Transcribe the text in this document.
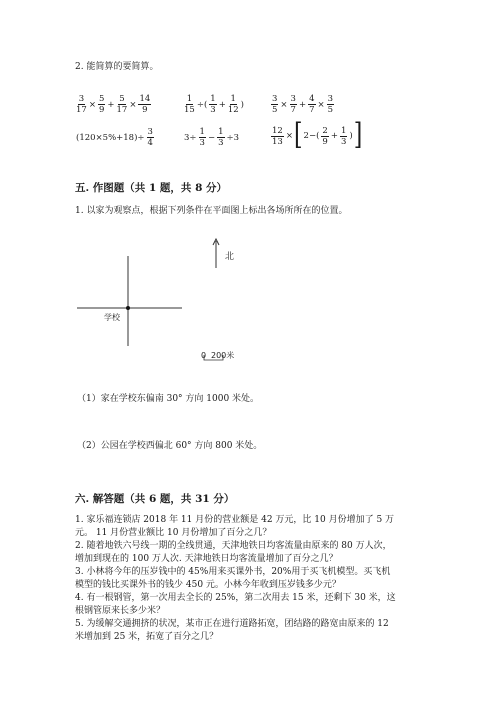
2. 能简算的要简算。
$\frac{3}{17} \times \frac{5}{9} + \frac{5}{17} \times \frac{14}{9}$	$\frac{1}{15}$ ÷( $\frac{1}{3} + \frac{1}{12}$ )	$\frac{3}{5} \times \frac{3}{7} + \frac{4}{7} \times \frac{3}{5}$
$(120\times 5\%+18)\div \frac{3}{4}$	$3\div \frac{1}{3} - \frac{1}{3} \div 3$	$\frac{12}{13}$ × [ $2-( \frac{2}{9} + \frac{1}{3}$ ) ]
五. 作图题（共 1 题，共 8 分）
1. 以家为观察点，根据下列条件在平面图上标出各场所所在的位置。
北
学校
0 200米
（1）家在学校东偏南 30° 方向 1000 米处。
（2）公园在学校西偏北 60° 方向 800 米处。
六. 解答题（共 6 题，共 31 分）
1. 家乐福连锁店 2018 年 11 月份的营业额是 42 万元，比 10 月份增加了 5 万
元。 11 月份营业额比 10 月份增加了百分之几？
2. 随着地铁六号线一期的全线贯通，天津地铁日均客流量由原来的 80 万人次，
增加到现在的 100 万人次. 天津地铁日均客流量增加了百分之几？
3. 小林将今年的压岁钱中的 45%用来买课外书，20%用于买飞机模型。买飞机
模型的钱比买课外书的钱少 450 元。小林今年收到压岁钱多少元？
4. 有一根钢管，第一次用去全长的 25%，第二次用去 15 米，还剩下 30 米，这
根钢管原来长多少米？
5. 为缓解交通拥挤的状况，某市正在进行道路拓宽，团结路的路宽由原来的 12
米增加到 25 米，拓宽了百分之几？
